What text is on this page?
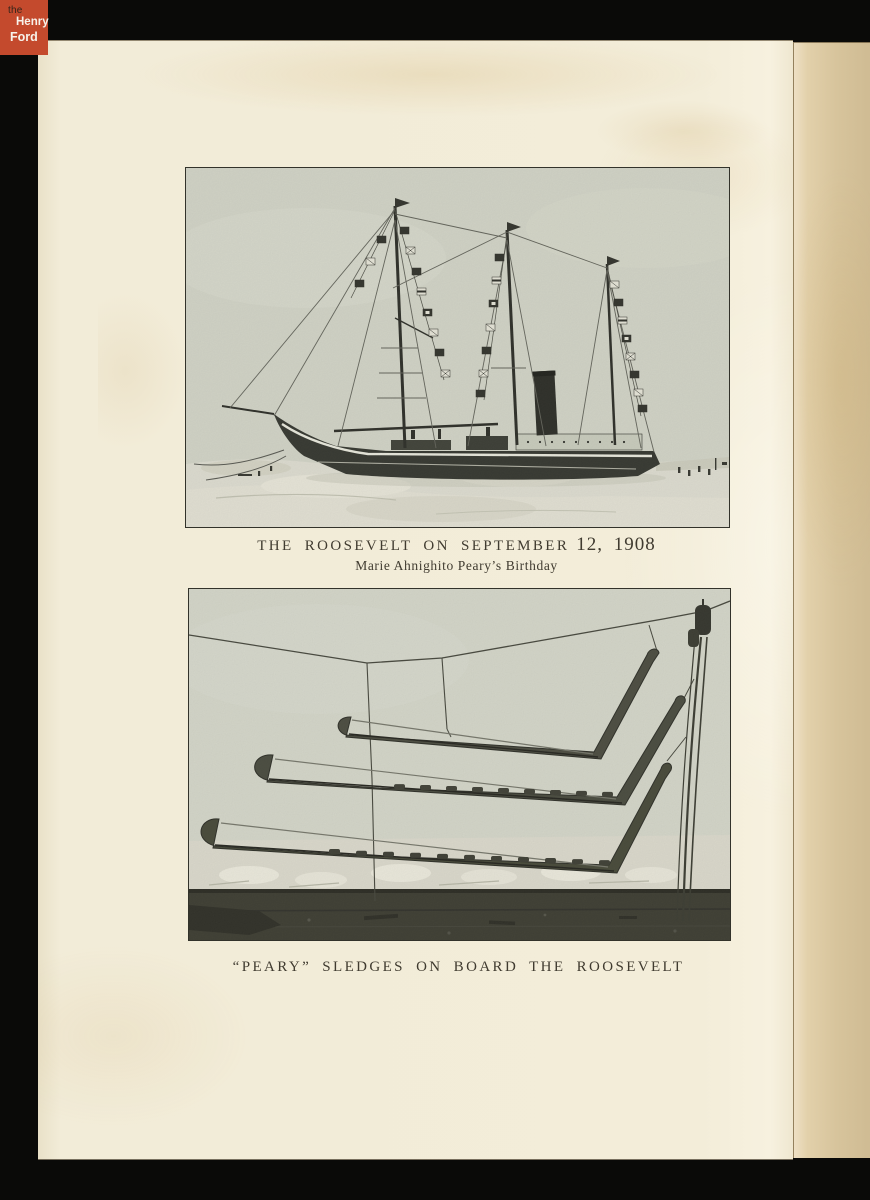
the
Henry
Ford
THE ROOSEVELT ON SEPTEMBER 12, 1908
Marie Ahnighito Peary’s Birthday
“PEARY” SLEDGES ON BOARD THE ROOSEVELT
